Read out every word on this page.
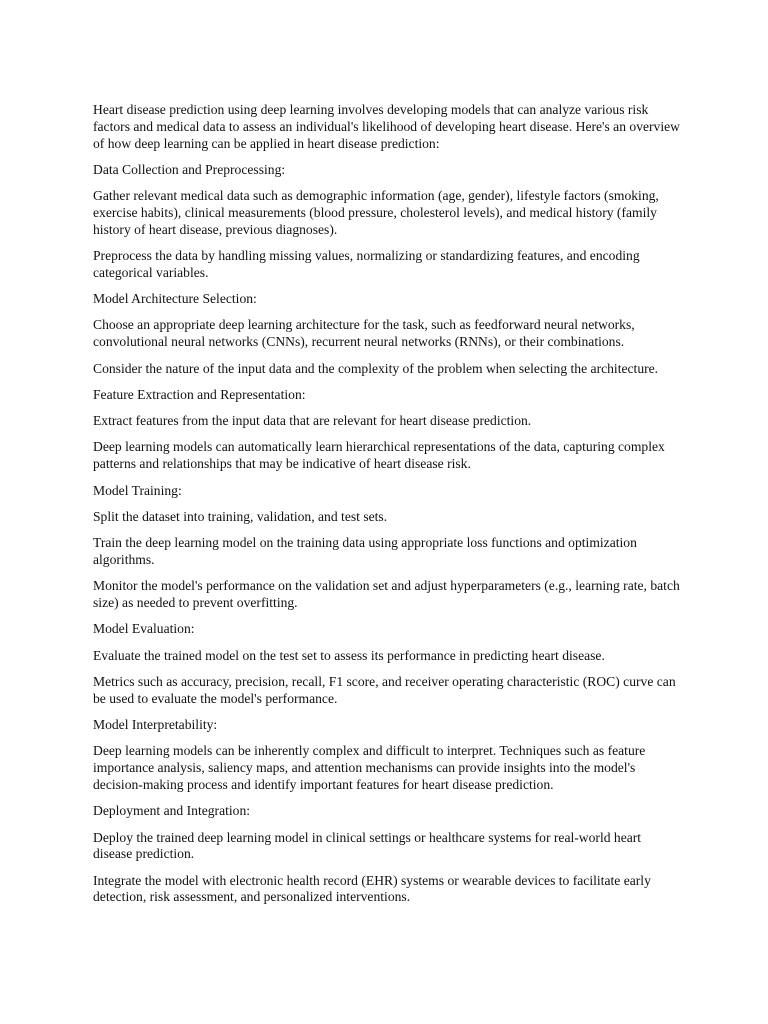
Heart disease prediction using deep learning involves developing models that can analyze various risk factors and medical data to assess an individual's likelihood of developing heart disease. Here's an overview of how deep learning can be applied in heart disease prediction:

Data Collection and Preprocessing:

Gather relevant medical data such as demographic information (age, gender), lifestyle factors (smoking, exercise habits), clinical measurements (blood pressure, cholesterol levels), and medical history (family history of heart disease, previous diagnoses).

Preprocess the data by handling missing values, normalizing or standardizing features, and encoding categorical variables.

Model Architecture Selection:

Choose an appropriate deep learning architecture for the task, such as feedforward neural networks, convolutional neural networks (CNNs), recurrent neural networks (RNNs), or their combinations.

Consider the nature of the input data and the complexity of the problem when selecting the architecture.

Feature Extraction and Representation:

Extract features from the input data that are relevant for heart disease prediction.

Deep learning models can automatically learn hierarchical representations of the data, capturing complex patterns and relationships that may be indicative of heart disease risk.

Model Training:

Split the dataset into training, validation, and test sets.

Train the deep learning model on the training data using appropriate loss functions and optimization algorithms.

Monitor the model's performance on the validation set and adjust hyperparameters (e.g., learning rate, batch size) as needed to prevent overfitting.

Model Evaluation:

Evaluate the trained model on the test set to assess its performance in predicting heart disease.

Metrics such as accuracy, precision, recall, F1 score, and receiver operating characteristic (ROC) curve can be used to evaluate the model's performance.

Model Interpretability:

Deep learning models can be inherently complex and difficult to interpret. Techniques such as feature importance analysis, saliency maps, and attention mechanisms can provide insights into the model's decision-making process and identify important features for heart disease prediction.

Deployment and Integration:

Deploy the trained deep learning model in clinical settings or healthcare systems for real-world heart disease prediction.

Integrate the model with electronic health record (EHR) systems or wearable devices to facilitate early detection, risk assessment, and personalized interventions.
